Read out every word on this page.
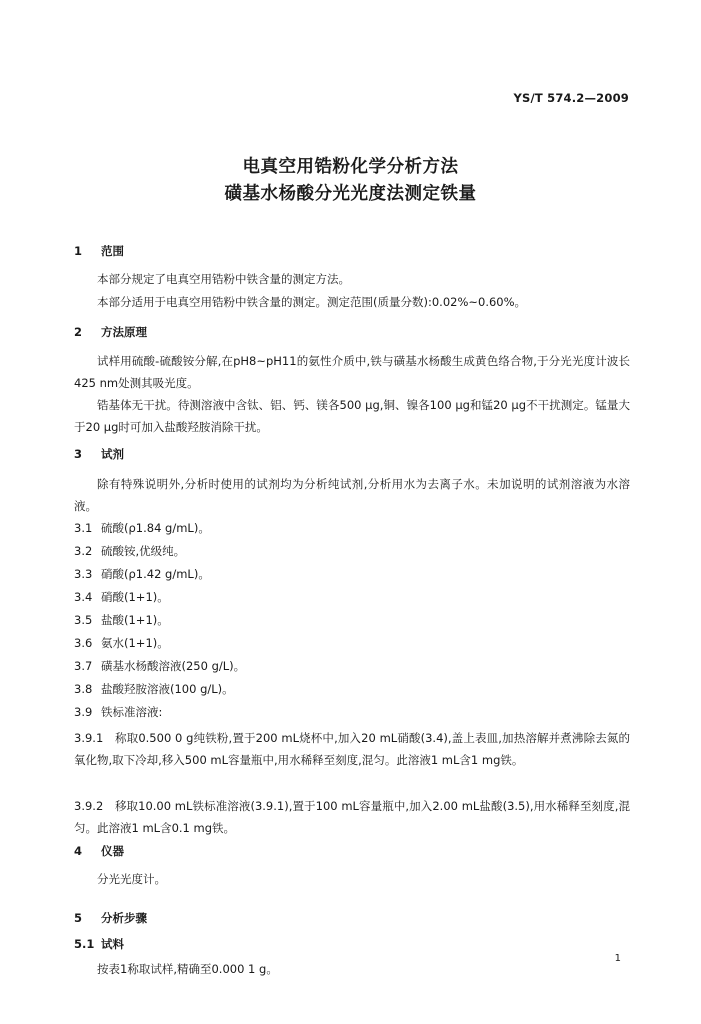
YS/T 574.2—2009
电真空用锆粉化学分析方法
磺基水杨酸分光光度法测定铁量
1 范围
本部分规定了电真空用锆粉中铁含量的测定方法。
本部分适用于电真空用锆粉中铁含量的测定。测定范围(质量分数):0.02%~0.60%。
2 方法原理
试样用硫酸-硫酸铵分解,在pH8~pH11的氨性介质中,铁与磺基水杨酸生成黄色络合物,于分光光度计波长425 nm处测其吸光度。
锆基体无干扰。待测溶液中含钛、铝、钙、镁各500 μg,铜、镍各100 μg和锰20 μg不干扰测定。锰量大于20 μg时可加入盐酸羟胺消除干扰。
3 试剂
除有特殊说明外,分析时使用的试剂均为分析纯试剂,分析用水为去离子水。未加说明的试剂溶液为水溶液。
3.1 硫酸(ρ1.84 g/mL)。
3.2 硫酸铵,优级纯。
3.3 硝酸(ρ1.42 g/mL)。
3.4 硝酸(1+1)。
3.5 盐酸(1+1)。
3.6 氨水(1+1)。
3.7 磺基水杨酸溶液(250 g/L)。
3.8 盐酸羟胺溶液(100 g/L)。
3.9 铁标准溶液:
3.9.1　称取0.500 0 g纯铁粉,置于200 mL烧杯中,加入20 mL硝酸(3.4),盖上表皿,加热溶解并煮沸除去氮的氧化物,取下冷却,移入500 mL容量瓶中,用水稀释至刻度,混匀。此溶液1 mL含1 mg铁。
3.9.2　移取10.00 mL铁标准溶液(3.9.1),置于100 mL容量瓶中,加入2.00 mL盐酸(3.5),用水稀释至刻度,混匀。此溶液1 mL含0.1 mg铁。
4 仪器
分光光度计。
5 分析步骤
5.1 试料
按表1称取试样,精确至0.000 1 g。
1
